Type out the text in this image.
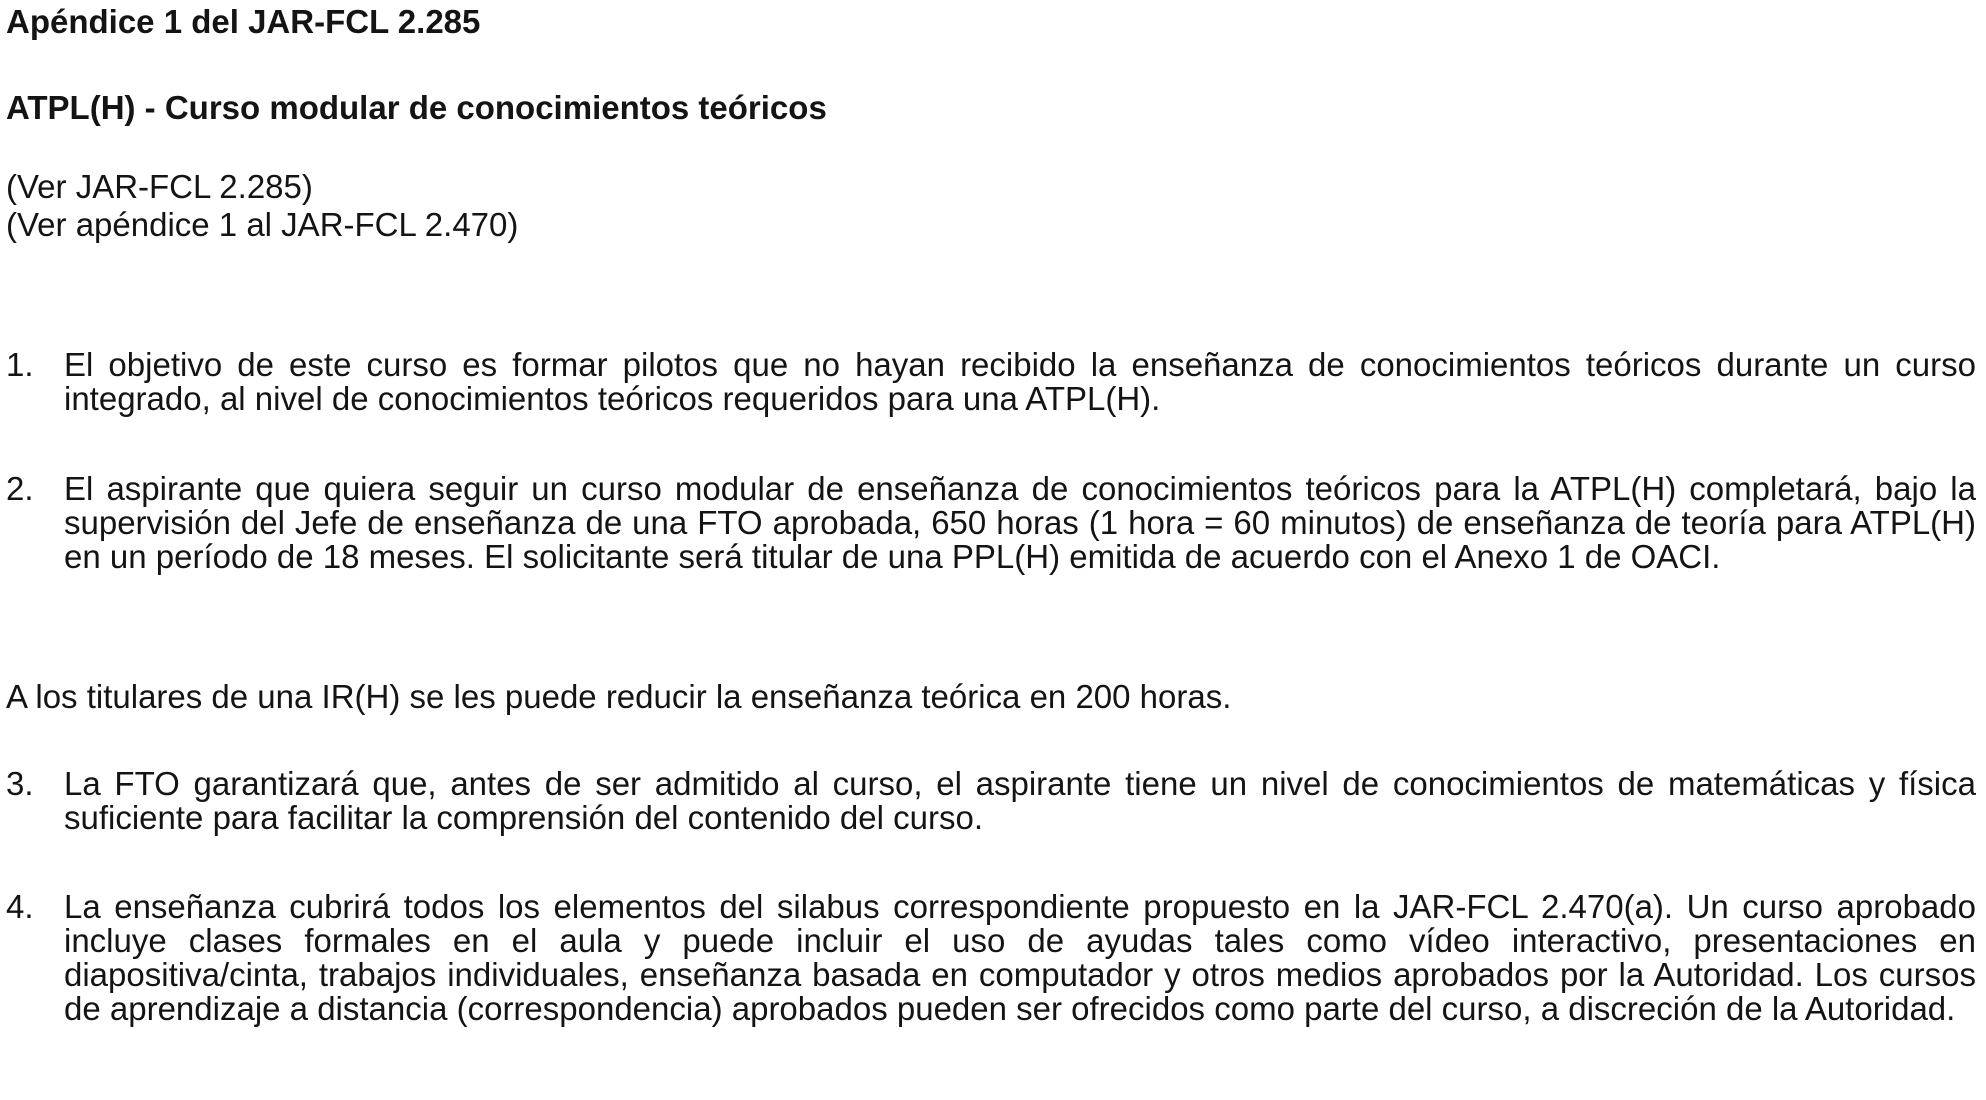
Apéndice 1 del JAR-FCL 2.285
ATPL(H) - Curso modular de conocimientos teóricos
(Ver JAR-FCL 2.285)
(Ver apéndice 1 al JAR-FCL 2.470)
1. El objetivo de este curso es formar pilotos que no hayan recibido la enseñanza de conocimientos teóricos durante un curso integrado, al nivel de conocimientos teóricos requeridos para una ATPL(H).
2. El aspirante que quiera seguir un curso modular de enseñanza de conocimientos teóricos para la ATPL(H) completará, bajo la supervisión del Jefe de enseñanza de una FTO aprobada, 650 horas (1 hora = 60 minutos) de enseñanza de teoría para ATPL(H) en un período de 18 meses. El solicitante será titular de una PPL(H) emitida de acuerdo con el Anexo 1 de OACI.
A los titulares de una IR(H) se les puede reducir la enseñanza teórica en 200 horas.
3. La FTO garantizará que, antes de ser admitido al curso, el aspirante tiene un nivel de conocimientos de matemáticas y física suficiente para facilitar la comprensión del contenido del curso.
4. La enseñanza cubrirá todos los elementos del silabus correspondiente propuesto en la JAR-FCL 2.470(a). Un curso aprobado incluye clases formales en el aula y puede incluir el uso de ayudas tales como vídeo interactivo, presentaciones en diapositiva/cinta, trabajos individuales, enseñanza basada en computador y otros medios aprobados por la Autoridad. Los cursos de aprendizaje a distancia (correspondencia) aprobados pueden ser ofrecidos como parte del curso, a discreción de la Autoridad.
